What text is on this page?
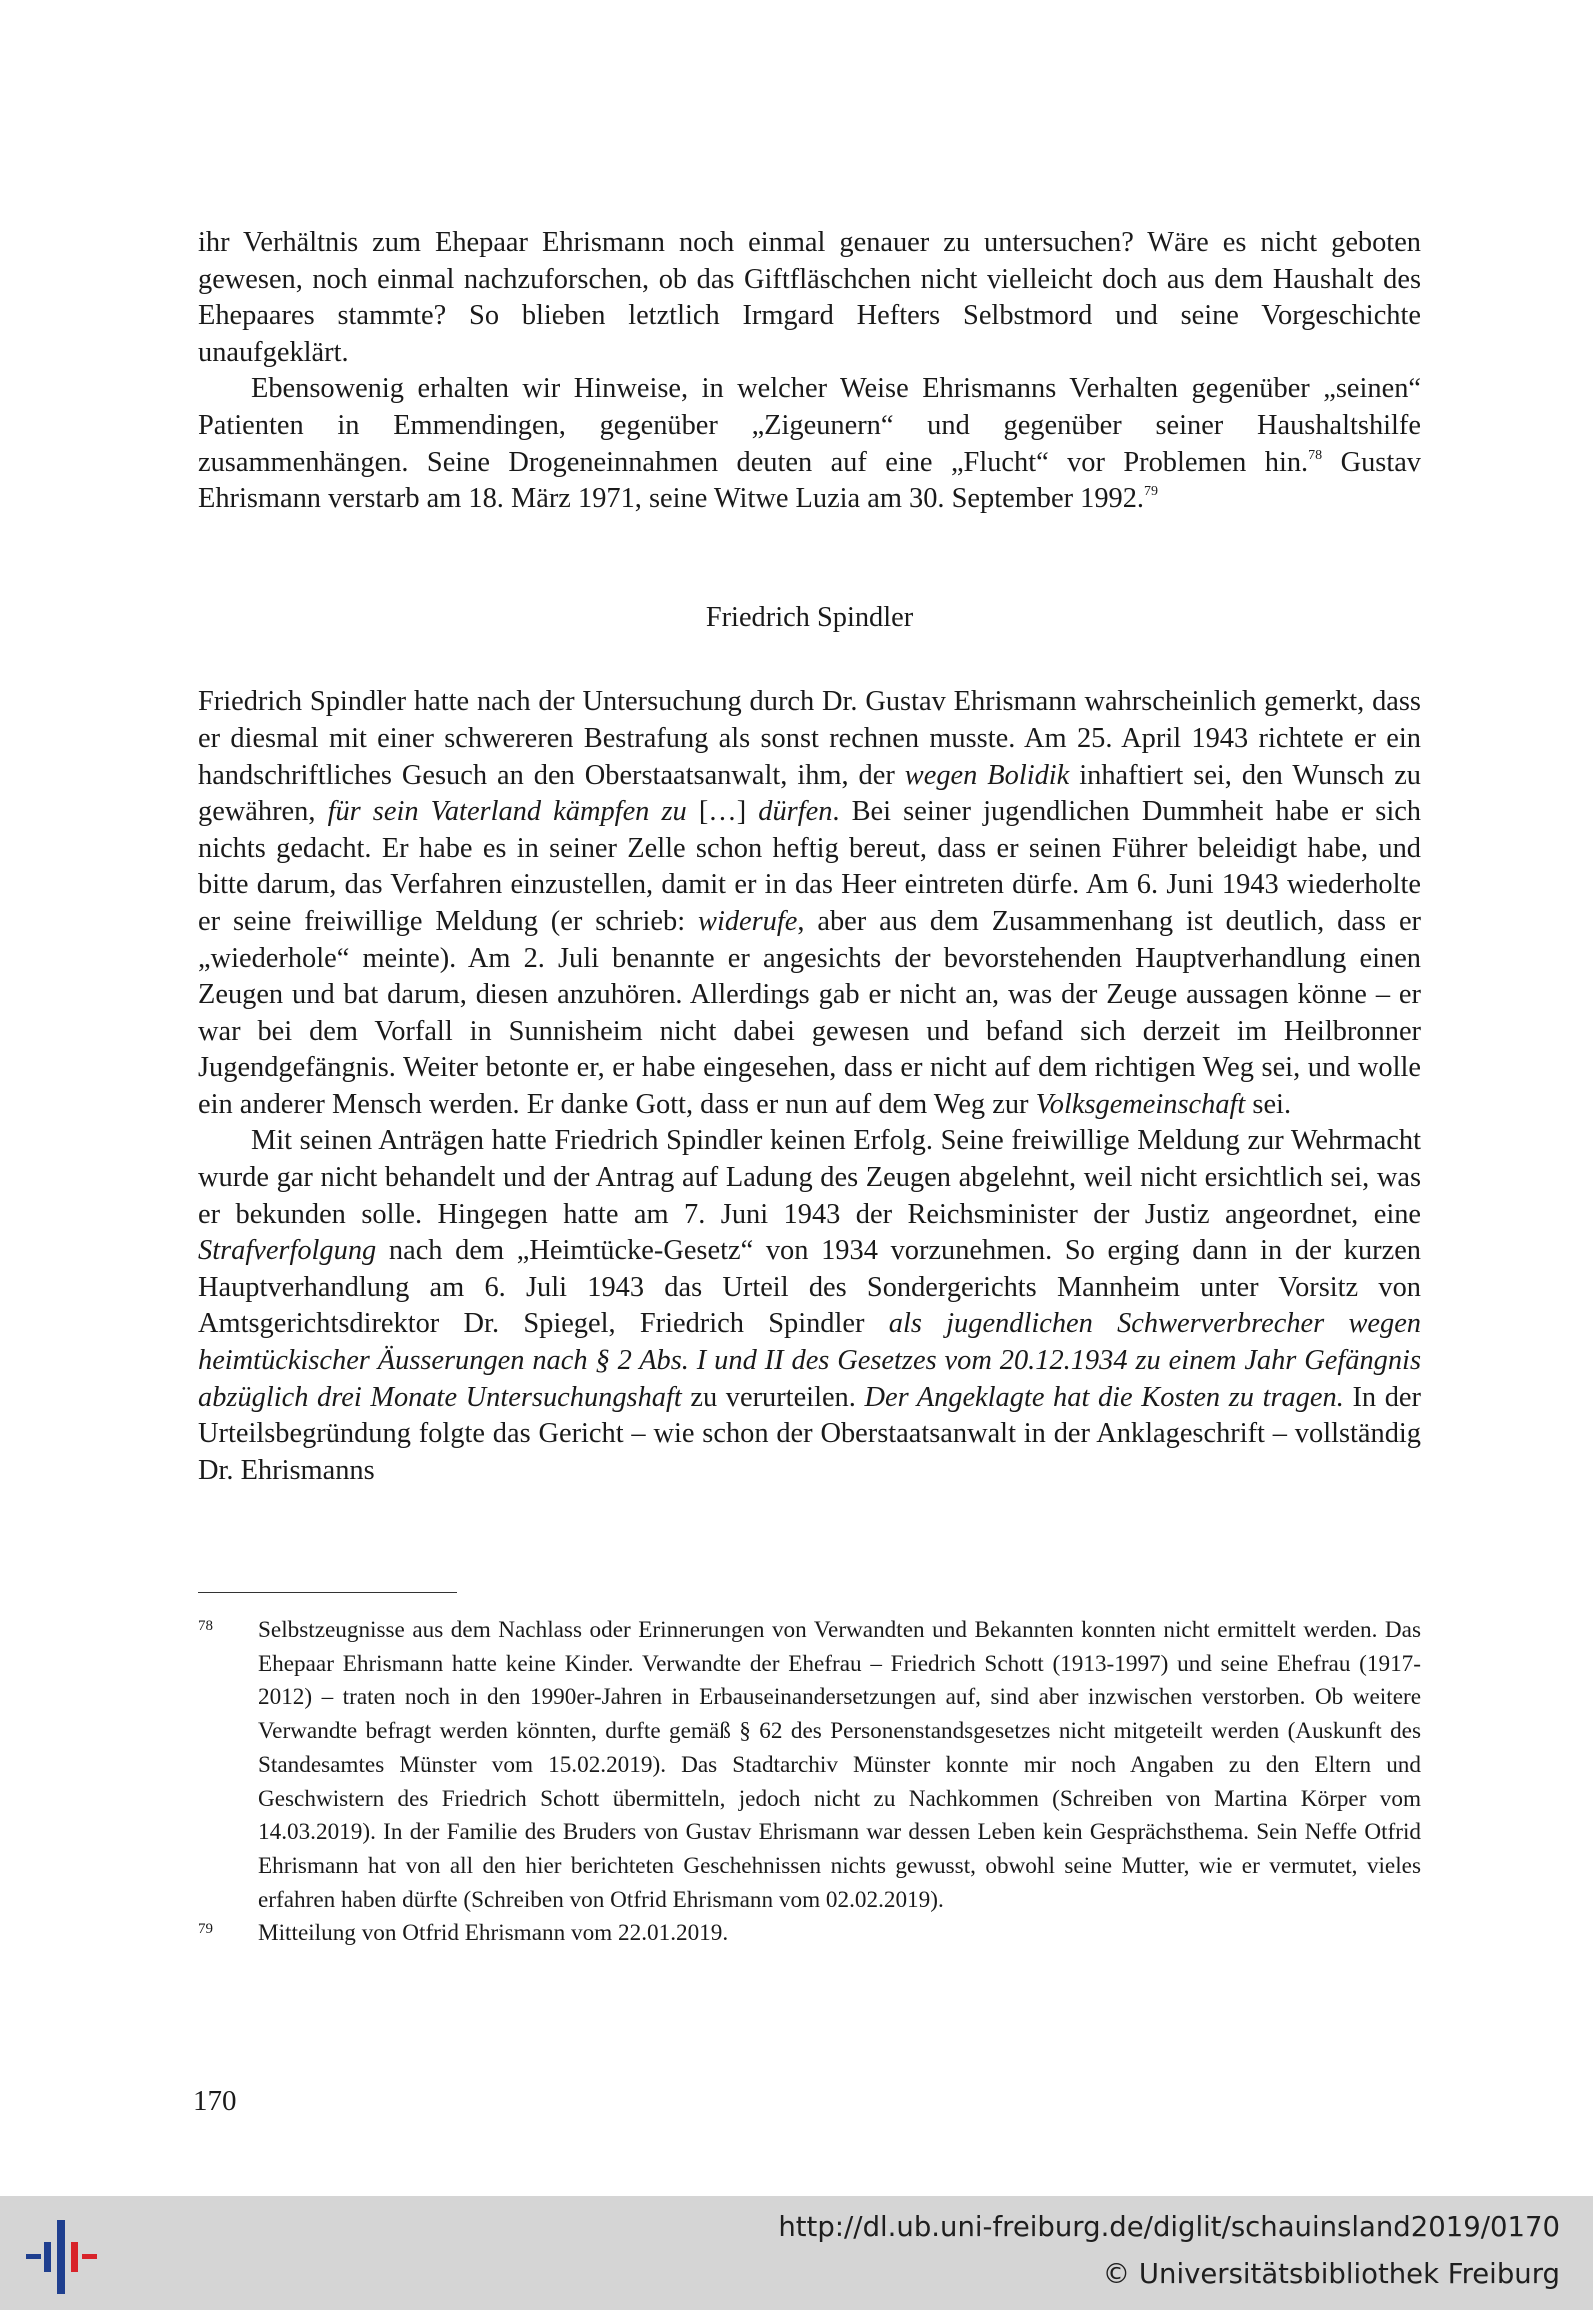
ihr Verhältnis zum Ehepaar Ehrismann noch einmal genauer zu untersuchen? Wäre es nicht geboten gewesen, noch einmal nachzuforschen, ob das Giftfläschchen nicht vielleicht doch aus dem Haushalt des Ehepaares stammte? So blieben letztlich Irmgard Hefters Selbstmord und seine Vorgeschichte unaufgeklärt.

Ebensowenig erhalten wir Hinweise, in welcher Weise Ehrismanns Verhalten gegenüber „seinen“ Patienten in Emmendingen, gegenüber „Zigeunern“ und gegenüber seiner Haushaltshilfe zusammenhängen. Seine Drogeneinnahmen deuten auf eine „Flucht“ vor Problemen hin.$^{78}$ Gustav Ehrismann verstarb am 18. März 1971, seine Witwe Luzia am 30. September 1992.79

Friedrich Spindler

Friedrich Spindler hatte nach der Untersuchung durch Dr. Gustav Ehrismann wahrscheinlich gemerkt, dass er diesmal mit einer schwereren Bestrafung als sonst rechnen musste. Am 25. April 1943 richtete er ein handschriftliches Gesuch an den Oberstaatsanwalt, ihm, der wegen Bolidik inhaftiert sei, den Wunsch zu gewähren, für sein Vaterland kämpfen zu […] dürfen. Bei seiner jugendlichen Dummheit habe er sich nichts gedacht. Er habe es in seiner Zelle schon heftig bereut, dass er seinen Führer beleidigt habe, und bitte darum, das Verfahren einzustellen, damit er in das Heer eintreten dürfe. Am 6. Juni 1943 wiederholte er seine freiwillige Meldung (er schrieb: widerufe, aber aus dem Zusammenhang ist deutlich, dass er „wiederhole“ meinte). Am 2. Juli benannte er angesichts der bevorstehenden Hauptverhandlung einen Zeugen und bat darum, diesen anzuhören. Allerdings gab er nicht an, was der Zeuge aussagen könne – er war bei dem Vorfall in Sunnisheim nicht dabei gewesen und befand sich derzeit im Heilbronner Jugendgefängnis. Weiter betonte er, er habe eingesehen, dass er nicht auf dem richtigen Weg sei, und wolle ein anderer Mensch werden. Er danke Gott, dass er nun auf dem Weg zur Volksgemeinschaft sei.

Mit seinen Anträgen hatte Friedrich Spindler keinen Erfolg. Seine freiwillige Meldung zur Wehrmacht wurde gar nicht behandelt und der Antrag auf Ladung des Zeugen abgelehnt, weil nicht ersichtlich sei, was er bekunden solle. Hingegen hatte am 7. Juni 1943 der Reichsminister der Justiz angeordnet, eine Strafverfolgung nach dem „Heimtücke-Gesetz“ von 1934 vorzunehmen. So erging dann in der kurzen Hauptverhandlung am 6. Juli 1943 das Urteil des Sondergerichts Mannheim unter Vorsitz von Amtsgerichtsdirektor Dr. Spiegel, Friedrich Spindler als jugendlichen Schwerverbrecher wegen heimtückischer Äusserungen nach § 2 Abs. I und II des Gesetzes vom 20.12.1934 zu einem Jahr Gefängnis abzüglich drei Monate Untersuchungshaft zu verurteilen. Der Angeklagte hat die Kosten zu tragen. In der Urteilsbegründung folgte das Gericht – wie schon der Oberstaatsanwalt in der Anklageschrift – vollständig Dr. Ehrismanns

78 Selbstzeugnisse aus dem Nachlass oder Erinnerungen von Verwandten und Bekannten konnten nicht ermittelt werden. Das Ehepaar Ehrismann hatte keine Kinder. Verwandte der Ehefrau – Friedrich Schott (1913-1997) und seine Ehefrau (1917-2012) – traten noch in den 1990er-Jahren in Erbauseinandersetzungen auf, sind aber inzwischen verstorben. Ob weitere Verwandte befragt werden könnten, durfte gemäß § 62 des Personenstandsgesetzes nicht mitgeteilt werden (Auskunft des Standesamtes Münster vom 15.02.2019). Das Stadtarchiv Münster konnte mir noch Angaben zu den Eltern und Geschwistern des Friedrich Schott übermitteln, jedoch nicht zu Nachkommen (Schreiben von Martina Körper vom 14.03.2019). In der Familie des Bruders von Gustav Ehrismann war dessen Leben kein Gesprächsthema. Sein Neffe Otfrid Ehrismann hat von all den hier berichteten Geschehnissen nichts gewusst, obwohl seine Mutter, wie er vermutet, vieles erfahren haben dürfte (Schreiben von Otfrid Ehrismann vom 02.02.2019).
79 Mitteilung von Otfrid Ehrismann vom 22.01.2019.
170
http://dl.ub.uni-freiburg.de/diglit/schauinsland2019/0170
© Universitätsbibliothek Freiburg
